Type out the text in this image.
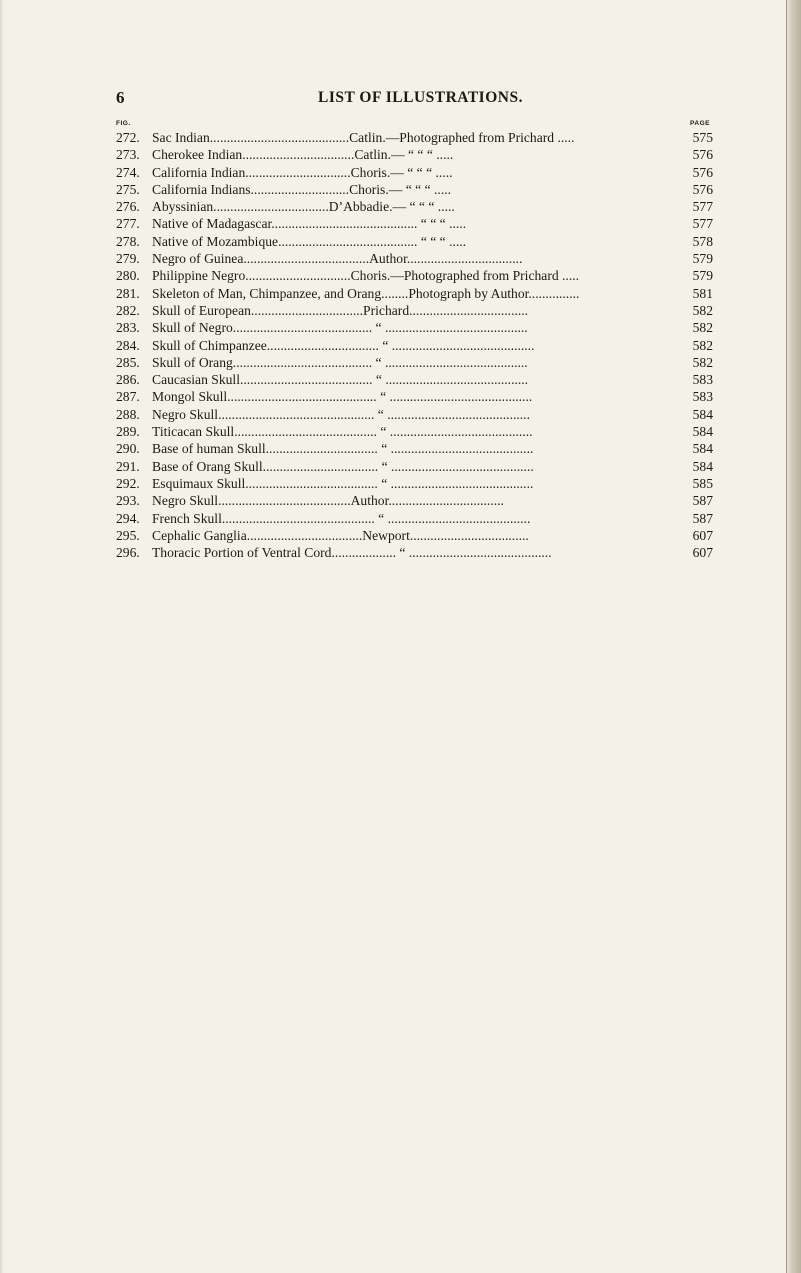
6	LIST OF ILLUSTRATIONS.
FIG.	PAGE
272. Sac Indian.........................................Catlin.—Photographed from Prichard .....	575
273. Cherokee Indian.................................Catlin.— “ “ “ .....	576
274. California Indian...............................Choris.— “ “ “ .....	576
275. California Indians.............................Choris.— “ “ “ .....	576
276. Abyssinian..................................D’Abbadie.— “ “ “ .....	577
277. Native of Madagascar........................................... “ “ “ .....	577
278. Native of Mozambique......................................... “ “ “ .....	578
279. Negro of Guinea.....................................Author..................................	579
280. Philippine Negro...............................Choris.—Photographed from Prichard .....	579
281. Skeleton of Man, Chimpanzee, and Orang........Photograph by Author...............	581
282. Skull of European.................................Prichard...................................	582
283. Skull of Negro......................................... “ ..........................................	582
284. Skull of Chimpanzee................................. “ ..........................................	582
285. Skull of Orang......................................... “ ..........................................	582
286. Caucasian Skull....................................... “ ..........................................	583
287. Mongol Skull............................................ “ ..........................................	583
288. Negro Skull.............................................. “ ..........................................	584
289. Titicacan Skull.......................................... “ ..........................................	584
290. Base of human Skull................................. “ ..........................................	584
291. Base of Orang Skull.................................. “ ..........................................	584
292. Esquimaux Skull....................................... “ ..........................................	585
293. Negro Skull.......................................Author..................................	587
294. French Skull............................................. “ ..........................................	587
295. Cephalic Ganglia..................................Newport...................................	607
296. Thoracic Portion of Ventral Cord................... “ ..........................................	607
